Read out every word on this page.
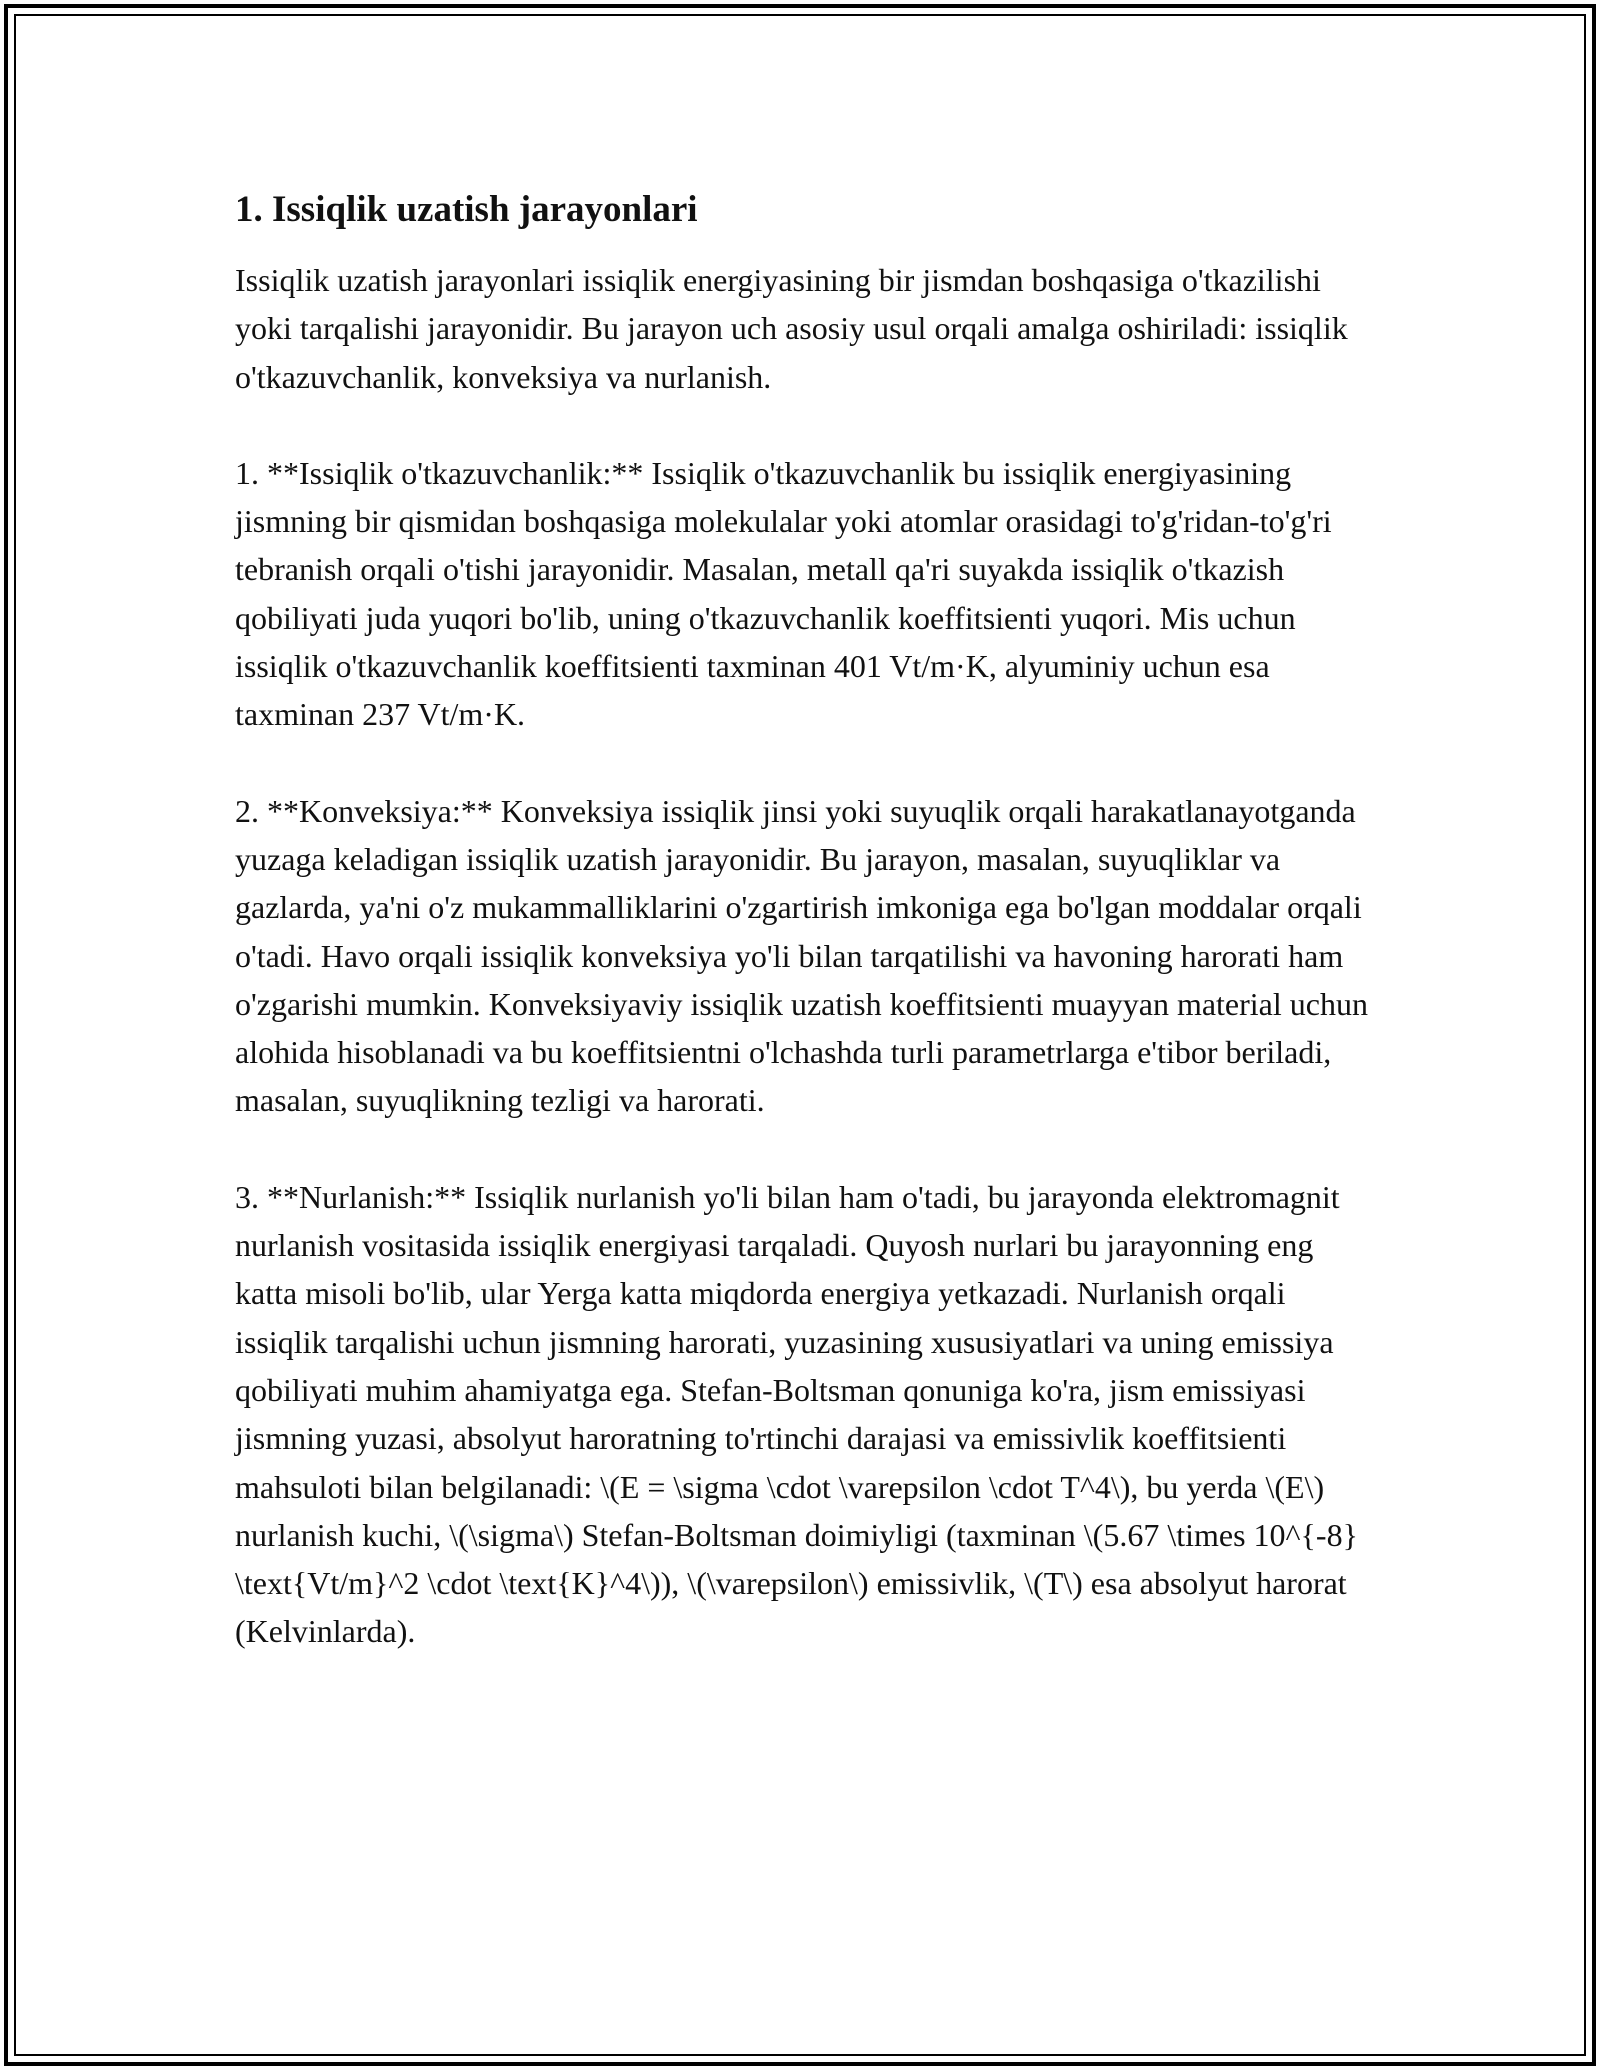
1. Issiqlik uzatish jarayonlari

Issiqlik uzatish jarayonlari issiqlik energiyasining bir jismdan boshqasiga o'tkazilishi yoki tarqalishi jarayonidir. Bu jarayon uch asosiy usul orqali amalga oshiriladi: issiqlik o'tkazuvchanlik, konveksiya va nurlanish.

1. **Issiqlik o'tkazuvchanlik:** Issiqlik o'tkazuvchanlik bu issiqlik energiyasining jismning bir qismidan boshqasiga molekulalar yoki atomlar orasidagi to'g'ridan-to'g'ri tebranish orqali o'tishi jarayonidir. Masalan, metall qa'ri suyakda issiqlik o'tkazish qobiliyati juda yuqori bo'lib, uning o'tkazuvchanlik koeffitsienti yuqori. Mis uchun issiqlik o'tkazuvchanlik koeffitsienti taxminan 401 Vt/m·K, alyuminiy uchun esa taxminan 237 Vt/m·K.

2. **Konveksiya:** Konveksiya issiqlik jinsi yoki suyuqlik orqali harakatlanayotganda yuzaga keladigan issiqlik uzatish jarayonidir. Bu jarayon, masalan, suyuqliklar va gazlarda, ya'ni o'z mukammalliklarini o'zgartirish imkoniga ega bo'lgan moddalar orqali o'tadi. Havo orqali issiqlik konveksiya yo'li bilan tarqatilishi va havoning harorati ham o'zgarishi mumkin. Konveksiyaviy issiqlik uzatish koeffitsienti muayyan material uchun alohida hisoblanadi va bu koeffitsientni o'lchashda turli parametrlarga e'tibor beriladi, masalan, suyuqlikning tezligi va harorati.

3. **Nurlanish:** Issiqlik nurlanish yo'li bilan ham o'tadi, bu jarayonda elektromagnit nurlanish vositasida issiqlik energiyasi tarqaladi. Quyosh nurlari bu jarayonning eng katta misoli bo'lib, ular Yerga katta miqdorda energiya yetkazadi. Nurlanish orqali issiqlik tarqalishi uchun jismning harorati, yuzasining xususiyatlari va uning emissiya qobiliyati muhim ahamiyatga ega. Stefan-Boltsman qonuniga ko'ra, jism emissiyasi jismning yuzasi, absolyut haroratning to'rtinchi darajasi va emissivlik koeffitsienti mahsuloti bilan belgilanadi: \(E = \sigma \cdot \varepsilon \cdot T^4\), bu yerda \(E\) nurlanish kuchi, \(\sigma\) Stefan-Boltsman doimiyligi (taxminan \(5.67 \times 10^{-8} \text{Vt/m}^2 \cdot \text{K}^4\)), \(\varepsilon\) emissivlik, \(T\) esa absolyut harorat (Kelvinlarda).
